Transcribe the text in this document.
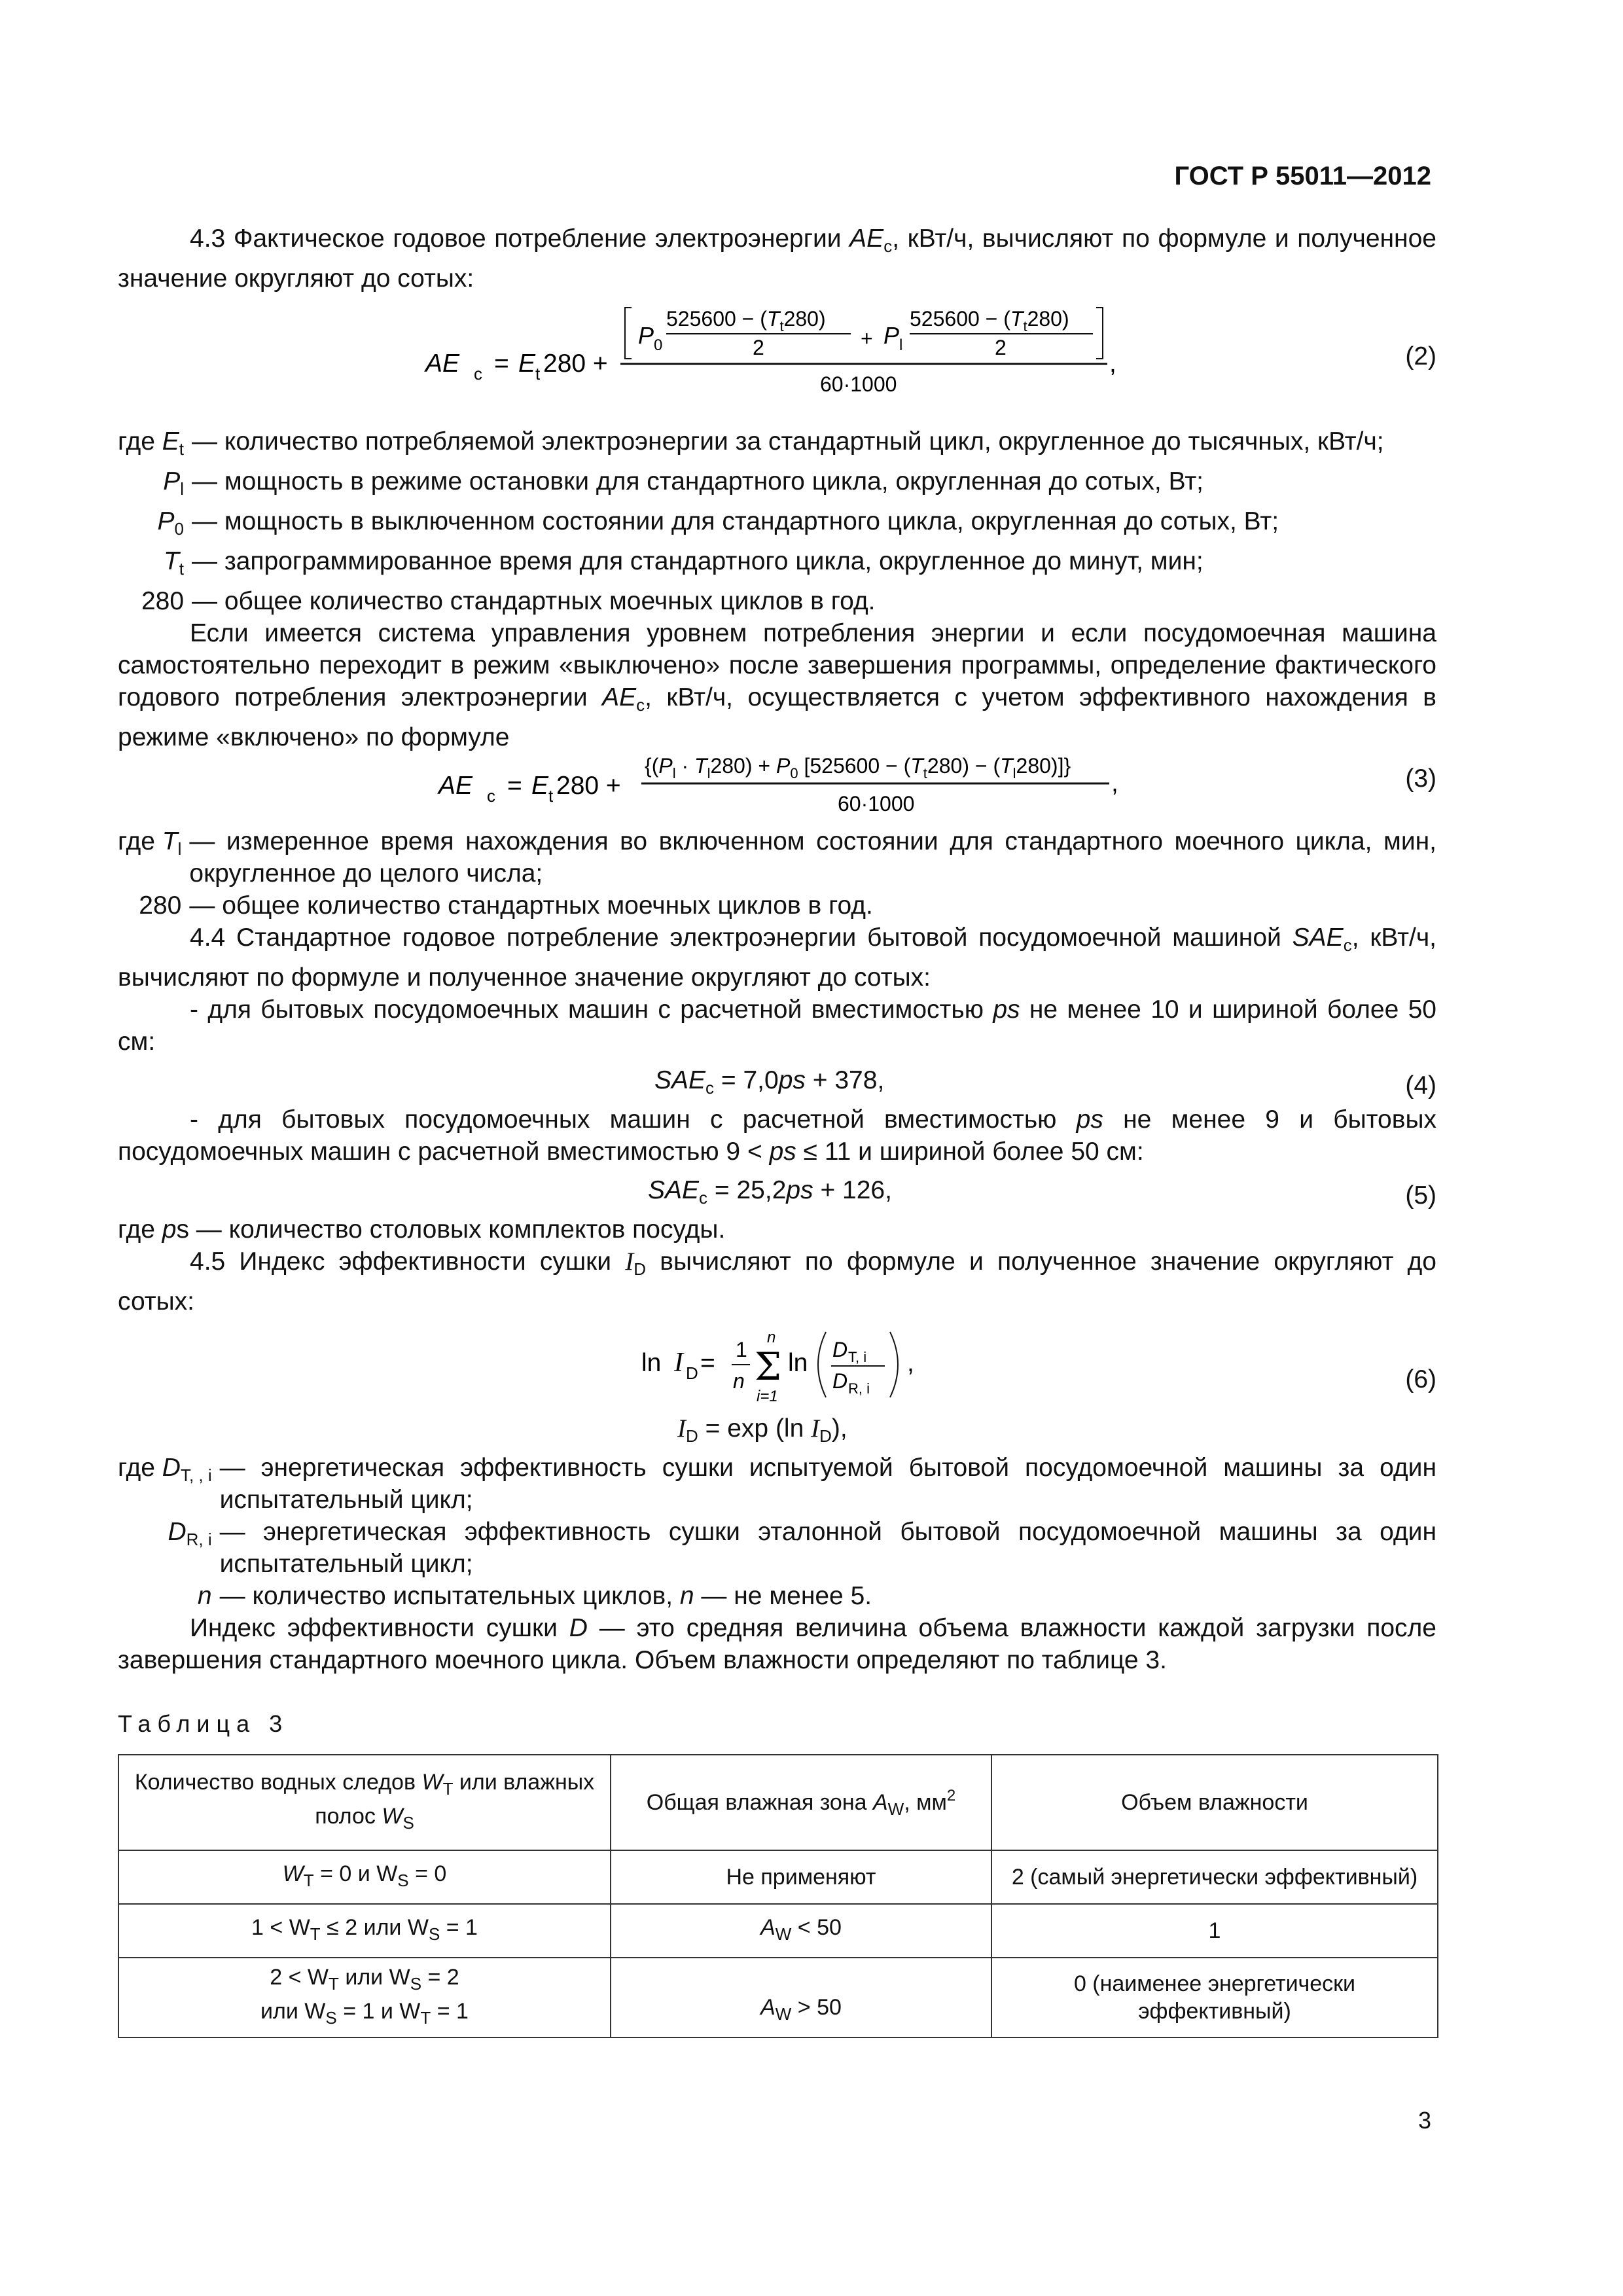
ГОСТ Р 55011—2012

4.3 Фактическое годовое потребление электроэнергии $AE_c$, кВт/ч, вычисляют по формуле и полученное значение округляют до сотых:

AE c = E t 280 +
P 0
$525600 - (T_t280)$
2	+ P l
$525600 - (T_t280)$
2
,
60·1000
(2)
где $E_t$ — количество потребляемой электроэнергии за стандартный цикл, округленное до тысячных, кВт/ч;
$P_l$ — мощность в режиме остановки для стандартного цикла, округленная до сотых, Вт;
$P_0$ — мощность в выключенном состоянии для стандартного цикла, округленная до сотых, Вт;
$T_t$ — запрограммированное время для стандартного цикла, округленное до минут, мин;
280 — общее количество стандартных моечных циклов в год.

Если имеется система управления уровнем потребления энергии и если посудомоечная машина самостоятельно переходит в режим «выключено» после завершения программы, определение фактического годового потребления электроэнергии $AE_c$, кВт/ч, осуществляется с учетом эффективного нахождения в режиме «включено» по формуле

AE c = E t 280 +
{$(P_l \cdot T_l280) + P_0$ $[525600 - (T_t280) - (T_l280)]$}
,
60·1000
(3)
где $T_l$ — измеренное время нахождения во включенном состоянии для стандартного моечного цикла, мин, округленное до целого числа;
280 — общее количество стандартных моечных циклов в год.

4.4 Стандартное годовое потребление электроэнергии бытовой посудомоечной машиной $SAE_c$, кВт/ч, вычисляют по формуле и полученное значение округляют до сотых:

- для бытовых посудомоечных машин с расчетной вместимостью ps не менее 10 и шириной более 50 см:

$SAE_c = 7,0ps + 378$,	(4)

- для бытовых посудомоечных машин с расчетной вместимостью ps не менее 9 и бытовых посудомоечных машин с расчетной вместимостью 9 < ps ≤ 11 и шириной более 50 см:

$SAE_c = 25,2ps + 126$,	(5)

где ps — количество столовых комплектов посуды.

4.5 Индекс эффективности сушки $I_D$ вычисляют по формуле и полученное значение округляют до сотых:

ln I D = 1
n Σ
n
i=1
ln D T, i
D R, i
,
(6)
$I_D = \exp (\ln$ $I_D$),
где $D_{T, , i}$ — энергетическая эффективность сушки испытуемой бытовой посудомоечной машины за один испытательный цикл;
$D_{R, i}$ — энергетическая эффективность сушки эталонной бытовой посудомоечной машины за один испытательный цикл;
n — количество испытательных циклов, n — не менее 5.

Индекс эффективности сушки D — это средняя величина объема влажности каждой загрузки после завершения стандартного моечного цикла. Объем влажности определяют по таблице 3.

Таблица 3
Количество водных следов $W_T$ или влажных полос $W_S$	Общая влажная зона $A_W$, $мм^2$	Объем влажности
$W_T = 0$ и $W_S = 0$	Не применяют	2 (самый энергетически эффективный)
$1 < W_T \le 2$ или $W_S = 1$	$A_W < 50$	1
$2 < W_T$ или $W_S = 2$
или $W_S = 1$ и $W_T = 1$	$A_W > 50$	0 (наименее энергетически эффективный)
3
